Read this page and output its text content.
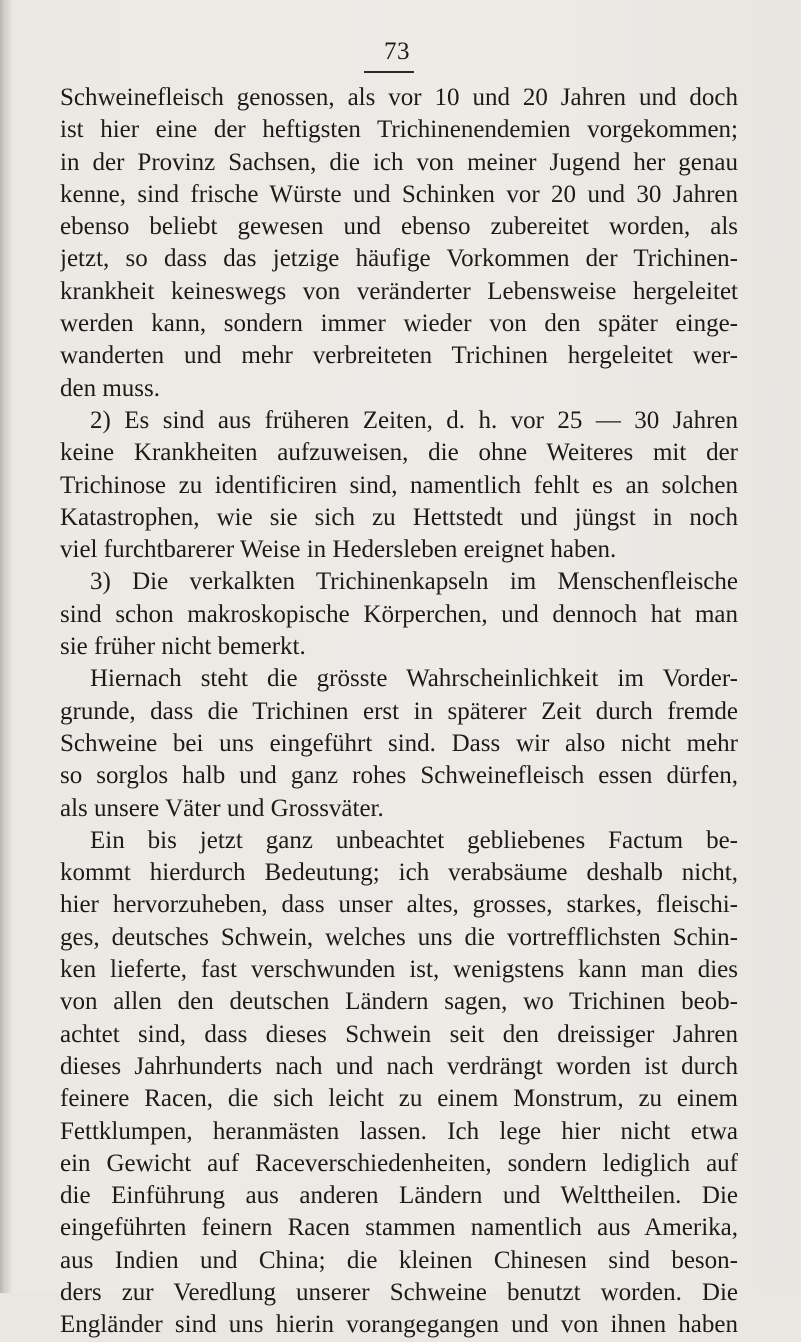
73
Schweinefleisch genossen, als vor 10 und 20 Jahren und doch
ist hier eine der heftigsten Trichinenendemien vorgekommen;
in der Provinz Sachsen, die ich von meiner Jugend her genau
kenne, sind frische Würste und Schinken vor 20 und 30 Jahren
ebenso beliebt gewesen und ebenso zubereitet worden, als
jetzt, so dass das jetzige häufige Vorkommen der Trichinen-
krankheit keineswegs von veränderter Lebensweise hergeleitet
werden kann, sondern immer wieder von den später einge-
wanderten und mehr verbreiteten Trichinen hergeleitet wer-
den muss.
2) Es sind aus früheren Zeiten, d. h. vor 25 — 30 Jahren
keine Krankheiten aufzuweisen, die ohne Weiteres mit der
Trichinose zu identificiren sind, namentlich fehlt es an solchen
Katastrophen, wie sie sich zu Hettstedt und jüngst in noch
viel furchtbarerer Weise in Hedersleben ereignet haben.
3) Die verkalkten Trichinenkapseln im Menschenfleische
sind schon makroskopische Körperchen, und dennoch hat man
sie früher nicht bemerkt.
Hiernach steht die grösste Wahrscheinlichkeit im Vorder-
grunde, dass die Trichinen erst in späterer Zeit durch fremde
Schweine bei uns eingeführt sind. Dass wir also nicht mehr
so sorglos halb und ganz rohes Schweinefleisch essen dürfen,
als unsere Väter und Grossväter.
Ein bis jetzt ganz unbeachtet gebliebenes Factum be-
kommt hierdurch Bedeutung; ich verabsäume deshalb nicht,
hier hervorzuheben, dass unser altes, grosses, starkes, fleischi-
ges, deutsches Schwein, welches uns die vortrefflichsten Schin-
ken lieferte, fast verschwunden ist, wenigstens kann man dies
von allen den deutschen Ländern sagen, wo Trichinen beob-
achtet sind, dass dieses Schwein seit den dreissiger Jahren
dieses Jahrhunderts nach und nach verdrängt worden ist durch
feinere Racen, die sich leicht zu einem Monstrum, zu einem
Fettklumpen, heranmästen lassen. Ich lege hier nicht etwa
ein Gewicht auf Raceverschiedenheiten, sondern lediglich auf
die Einführung aus anderen Ländern und Welttheilen. Die
eingeführten feinern Racen stammen namentlich aus Amerika,
aus Indien und China; die kleinen Chinesen sind beson-
ders zur Veredlung unserer Schweine benutzt worden. Die
Engländer sind uns hierin vorangegangen und von ihnen haben
